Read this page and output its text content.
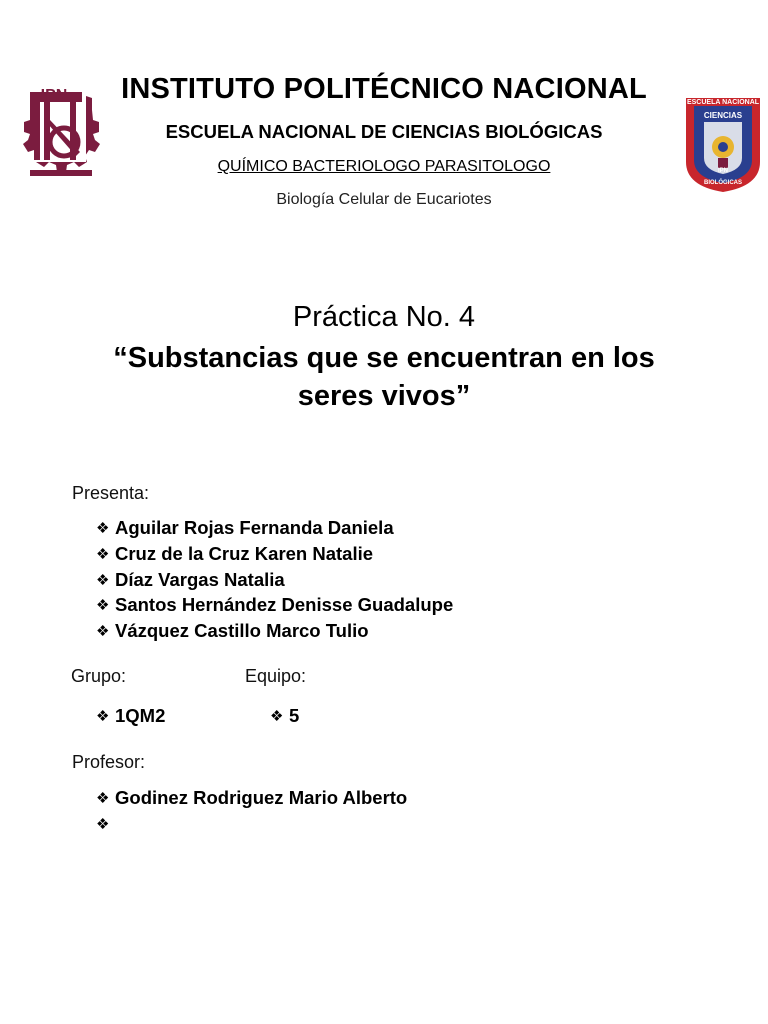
IPN	ESCUELA NACIONAL
CIENCIAS
BIOLÓGICAS
IPN
INSTITUTO POLITÉCNICO NACIONAL
ESCUELA NACIONAL DE CIENCIAS BIOLÓGICAS
QUÍMICO BACTERIOLOGO PARASITOLOGO
Biología Celular de Eucariotes
Práctica No. 4
“Substancias que se encuentran en los seres vivos”
Presenta:
❖ Aguilar Rojas Fernanda Daniela
❖ Cruz de la Cruz Karen Natalie
❖ Díaz Vargas Natalia
❖ Santos Hernández Denisse Guadalupe
❖ Vázquez Castillo Marco Tulio
Grupo:	Equipo:
❖ 1QM2	❖ 5
Profesor:
❖ Godinez Rodriguez Mario Alberto
❖
